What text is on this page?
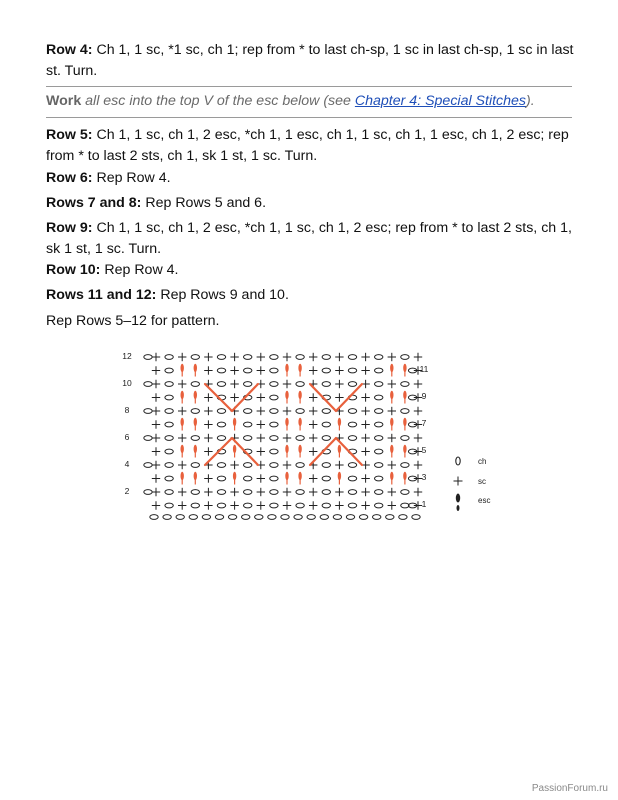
Row 4: Ch 1, 1 sc, *1 sc, ch 1; rep from * to last ch-sp, 1 sc in last ch-sp, 1 sc in last st. Turn.

Work all esc into the top V of the esc below (see Chapter 4: Special Stitches).

Row 5: Ch 1, 1 sc, ch 1, 2 esc, *ch 1, 1 esc, ch 1, 1 sc, ch 1, 1 esc, ch 1, 2 esc; rep from * to last 2 sts, ch 1, sk 1 st, 1 sc. Turn.

Row 6: Rep Row 4.

Rows 7 and 8: Rep Rows 5 and 6.

Row 9: Ch 1, 1 sc, ch 1, 2 esc, *ch 1, 1 sc, ch 1, 2 esc; rep from * to last 2 sts, ch 1, sk 1 st, 1 sc. Turn.

Row 10: Rep Row 4.

Rows 11 and 12: Rep Rows 9 and 10.

Rep Rows 5–12 for pattern.

12
10
8
6
4
2
11
9
7
5
3
1
ch
sc
esc
PassionForum.ru
